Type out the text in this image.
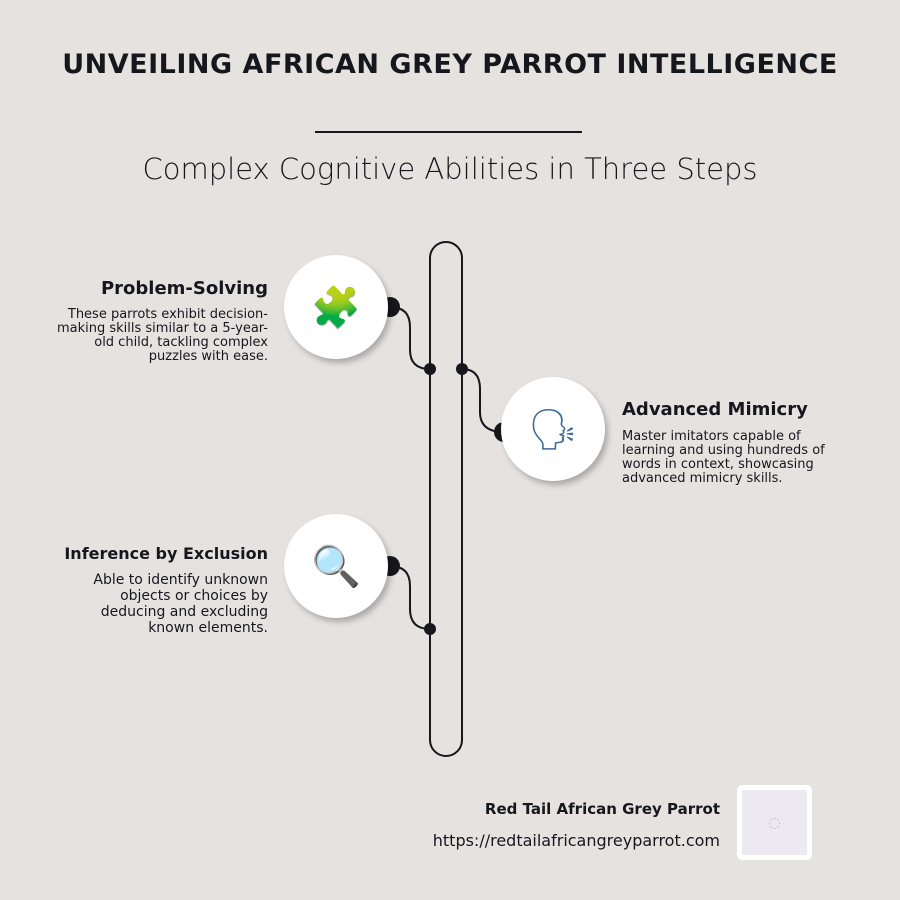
UNVEILING AFRICAN GREY PARROT INTELLIGENCE
Complex Cognitive Abilities in Three Steps
🧩
🗣
🔍
Problem-Solving
These parrots exhibit decision-making skills similar to a 5-year-old child, tackling complex puzzles with ease.
Advanced Mimicry
Master imitators capable of learning and using hundreds of words in context, showcasing advanced mimicry skills.
Inference by Exclusion
Able to identify unknown objects or choices by deducing and excluding known elements.
Red Tail African Grey Parrot
https://redtailafricangreyparrot.com
◌
